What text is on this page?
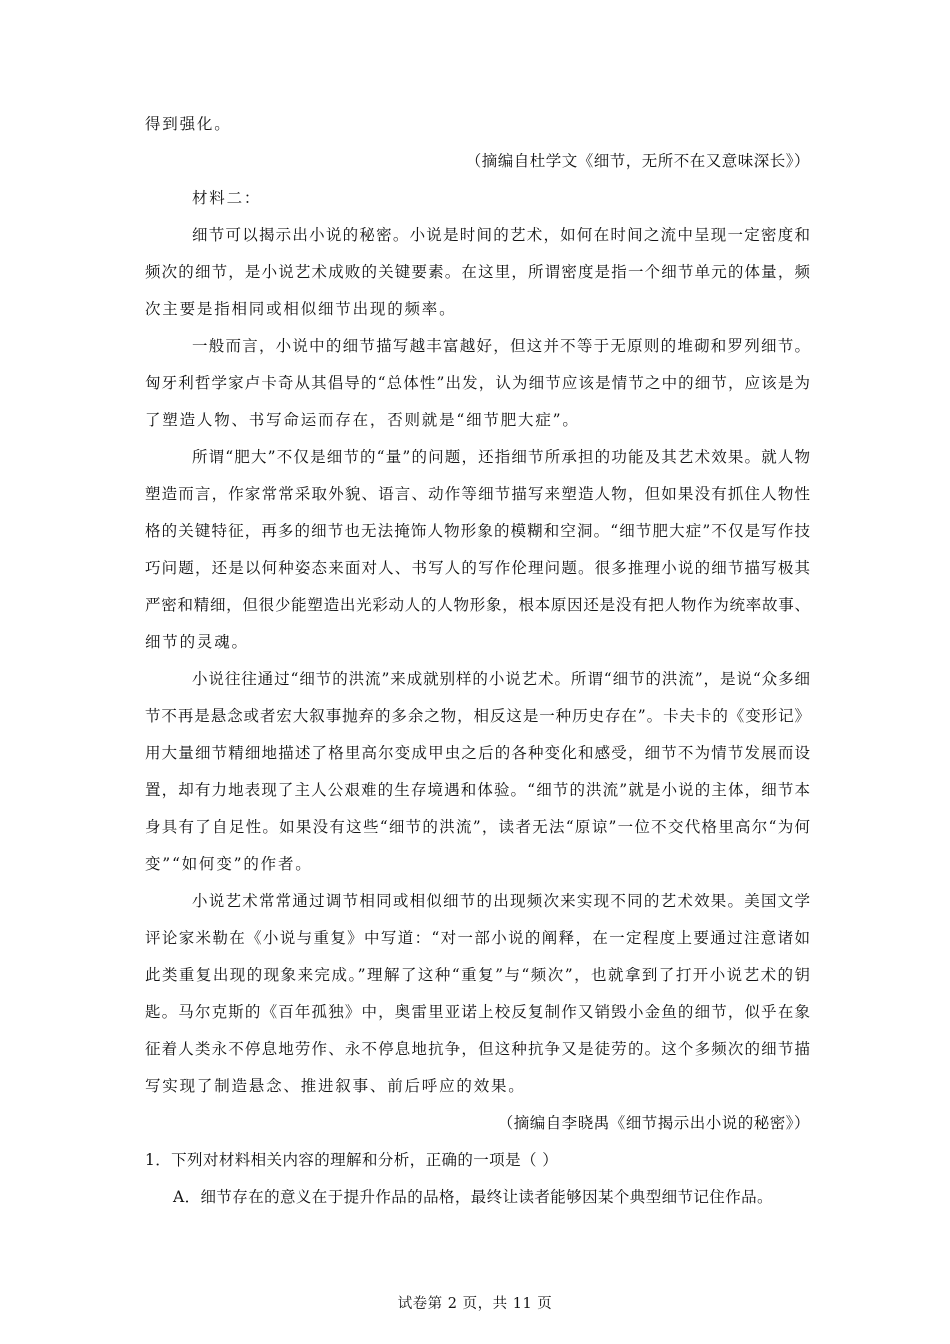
得到强化。
（摘编自杜学文《细节，无所不在又意味深长》）
材料二：
细节可以揭示出小说的秘密。小说是时间的艺术，如何在时间之流中呈现一定密度和
频次的细节，是小说艺术成败的关键要素。在这里，所谓密度是指一个细节单元的体量，频
次主要是指相同或相似细节出现的频率。
一般而言，小说中的细节描写越丰富越好，但这并不等于无原则的堆砌和罗列细节。
匈牙利哲学家卢卡奇从其倡导的“总体性”出发，认为细节应该是情节之中的细节，应该是为
了塑造人物、书写命运而存在，否则就是“细节肥大症”。
所谓“肥大”不仅是细节的“量”的问题，还指细节所承担的功能及其艺术效果。就人物
塑造而言，作家常常采取外貌、语言、动作等细节描写来塑造人物，但如果没有抓住人物性
格的关键特征，再多的细节也无法掩饰人物形象的模糊和空洞。“细节肥大症”不仅是写作技
巧问题，还是以何种姿态来面对人、书写人的写作伦理问题。很多推理小说的细节描写极其
严密和精细，但很少能塑造出光彩动人的人物形象，根本原因还是没有把人物作为统率故事、
细节的灵魂。
小说往往通过“细节的洪流”来成就别样的小说艺术。所谓“细节的洪流”，是说“众多细
节不再是悬念或者宏大叙事抛弃的多余之物，相反这是一种历史存在”。卡夫卡的《变形记》
用大量细节精细地描述了格里高尔变成甲虫之后的各种变化和感受，细节不为情节发展而设
置，却有力地表现了主人公艰难的生存境遇和体验。“细节的洪流”就是小说的主体，细节本
身具有了自足性。如果没有这些“细节的洪流”，读者无法“原谅”一位不交代格里高尔“为何
变”“如何变”的作者。
小说艺术常常通过调节相同或相似细节的出现频次来实现不同的艺术效果。美国文学
评论家米勒在《小说与重复》中写道：“对一部小说的阐释，在一定程度上要通过注意诸如
此类重复出现的现象来完成。”理解了这种“重复”与“频次”，也就拿到了打开小说艺术的钥
匙。马尔克斯的《百年孤独》中，奥雷里亚诺上校反复制作又销毁小金鱼的细节，似乎在象
征着人类永不停息地劳作、永不停息地抗争，但这种抗争又是徒劳的。这个多频次的细节描
写实现了制造悬念、推进叙事、前后呼应的效果。
（摘编自李晓禺《细节揭示出小说的秘密》）
1．下列对材料相关内容的理解和分析，正确的一项是（ ）
A．细节存在的意义在于提升作品的品格，最终让读者能够因某个典型细节记住作品。
试卷第 2 页，共 11 页
